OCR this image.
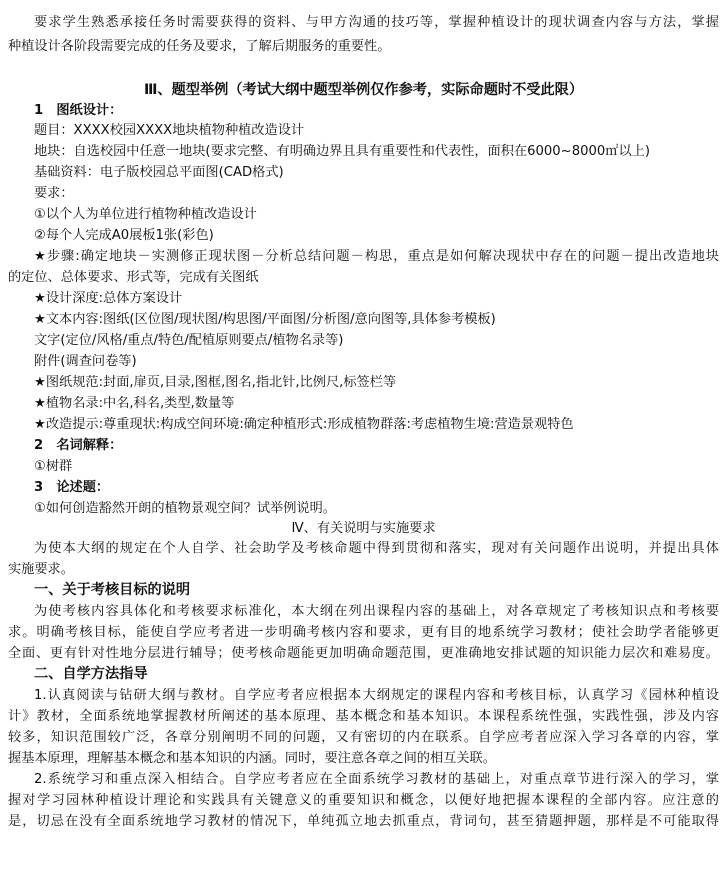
要求学生熟悉承接任务时需要获得的资料、与甲方沟通的技巧等，掌握种植设计的现状调查内容与方法，掌握
种植设计各阶段需要完成的任务及要求，了解后期服务的重要性。
Ⅲ、题型举例（考试大纲中题型举例仅作参考，实际命题时不受此限）
1　图纸设计：
题目：XXXX校园XXXX地块植物种植改造设计
地块：自选校园中任意一地块(要求完整、有明确边界且具有重要性和代表性，面积在6000~8000㎡以上)
基础资料：电子版校园总平面图(CAD格式)
要求：
①以个人为单位进行植物种植改造设计
②每个人完成A0展板1张(彩色)
★步骤:确定地块－实测修正现状图－分析总结问题－构思，重点是如何解决现状中存在的问题－提出改造地块
的定位、总体要求、形式等，完成有关图纸
★设计深度:总体方案设计
★文本内容:图纸(区位图/现状图/构思图/平面图/分析图/意向图等,具体参考模板)
文字(定位/风格/重点/特色/配植原则要点/植物名录等)
附件(调查问卷等)
★图纸规范:封面,扉页,目录,图框,图名,指北针,比例尺,标签栏等
★植物名录:中名,科名,类型,数量等
★改造提示:尊重现状:构成空间环境:确定种植形式:形成植物群落:考虑植物生境:营造景观特色
2　名词解释：
①树群
3　论述题：
①如何创造豁然开朗的植物景观空间？试举例说明。
Ⅳ、有关说明与实施要求
为使本大纲的规定在个人自学、社会助学及考核命题中得到贯彻和落实，现对有关问题作出说明，并提出具体
实施要求。
一、关于考核目标的说明
为使考核内容具体化和考核要求标准化，本大纲在列出课程内容的基础上，对各章规定了考核知识点和考核要
求。明确考核目标，能使自学应考者进一步明确考核内容和要求，更有目的地系统学习教材；使社会助学者能够更
全面、更有针对性地分层进行辅导；使考核命题能更加明确命题范围，更准确地安排试题的知识能力层次和难易度。
二、自学方法指导
1.认真阅读与钻研大纲与教材。自学应考者应根据本大纲规定的课程内容和考核目标，认真学习《园林种植设
计》教材，全面系统地掌握教材所阐述的基本原理、基本概念和基本知识。本课程系统性强，实践性强，涉及内容
较多，知识范围较广泛，各章分别阐明不同的问题，又有密切的内在联系。自学应考者应深入学习各章的内容，掌
握基本原理，理解基本概念和基本知识的内涵。同时，要注意各章之间的相互关联。
2.系统学习和重点深入相结合。自学应考者应在全面系统学习教材的基础上，对重点章节进行深入的学习，掌
握对学习园林种植设计理论和实践具有关键意义的重要知识和概念，以便好地把握本课程的全部内容。应注意的
是，切忌在没有全面系统地学习教材的情况下，单纯孤立地去抓重点，背词句，甚至猜题押题，那样是不可能取得
